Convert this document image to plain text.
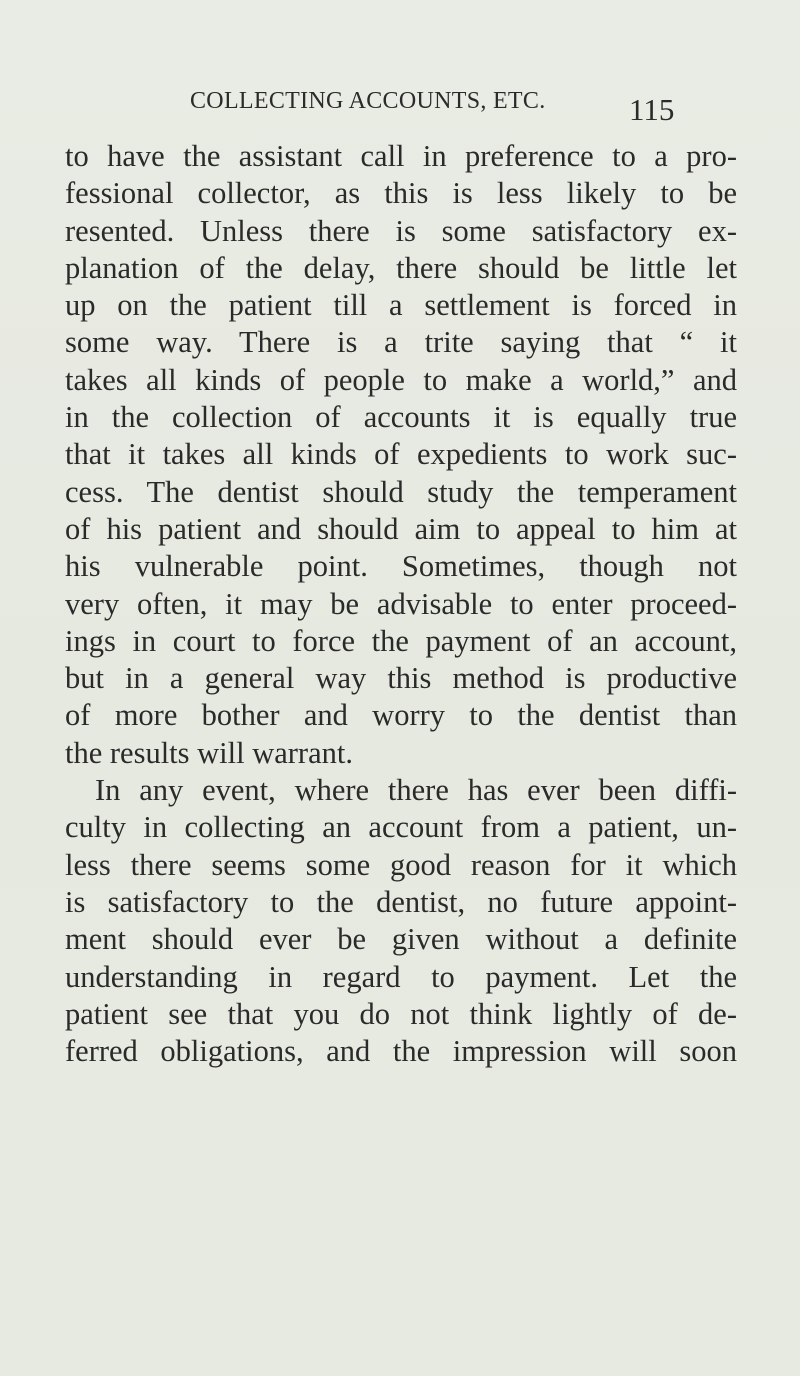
COLLECTING ACCOUNTS, ETC.	115
to have the assistant call in preference to a pro-
fessional collector, as this is less likely to be
resented. Unless there is some satisfactory ex-
planation of the delay, there should be little let
up on the patient till a settlement is forced in
some way. There is a trite saying that “ it
takes all kinds of people to make a world,” and
in the collection of accounts it is equally true
that it takes all kinds of expedients to work suc-
cess. The dentist should study the temperament
of his patient and should aim to appeal to him at
his vulnerable point. Sometimes, though not
very often, it may be advisable to enter proceed-
ings in court to force the payment of an account,
but in a general way this method is productive
of more bother and worry to the dentist than
the results will warrant.
In any event, where there has ever been diffi-
culty in collecting an account from a patient, un-
less there seems some good reason for it which
is satisfactory to the dentist, no future appoint-
ment should ever be given without a definite
understanding in regard to payment. Let the
patient see that you do not think lightly of de-
ferred obligations, and the impression will soon
